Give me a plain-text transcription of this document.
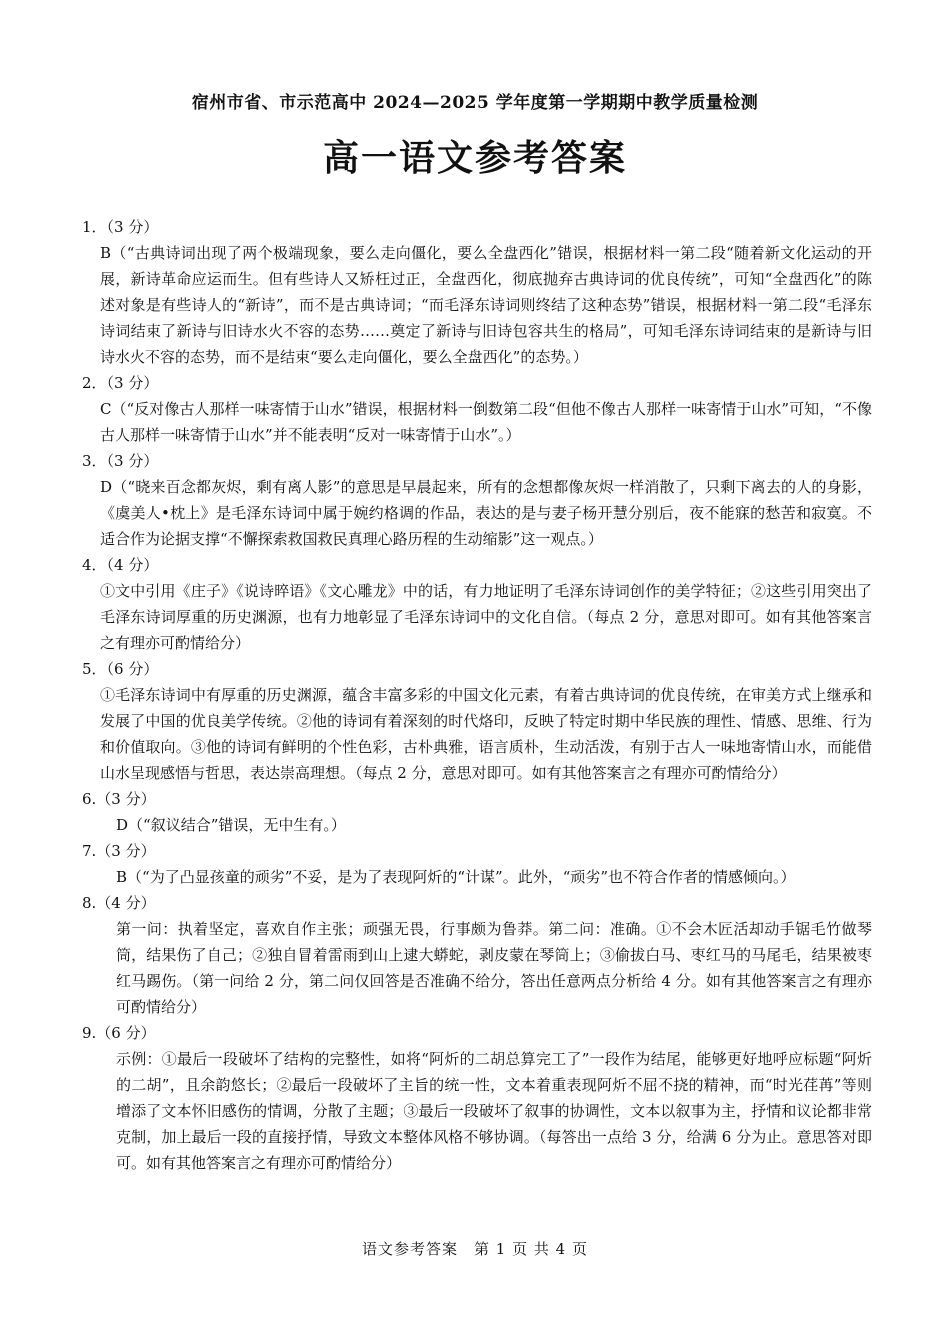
宿州市省、市示范高中 2024—2025 学年度第一学期期中教学质量检测
高一语文参考答案

1．（3 分）

B（“古典诗词出现了两个极端现象，要么走向僵化，要么全盘西化”错误，根据材料一第二段“随着新文化运动的开展，新诗革命应运而生。但有些诗人又矫枉过正，全盘西化，彻底抛弃古典诗词的优良传统”，可知“全盘西化”的陈述对象是有些诗人的“新诗”，而不是古典诗词；“而毛泽东诗词则终结了这种态势”错误，根据材料一第二段“毛泽东诗词结束了新诗与旧诗水火不容的态势……奠定了新诗与旧诗包容共生的格局”，可知毛泽东诗词结束的是新诗与旧诗水火不容的态势，而不是结束“要么走向僵化，要么全盘西化”的态势。）

2．（3 分）

C（“反对像古人那样一味寄情于山水”错误，根据材料一倒数第二段“但他不像古人那样一味寄情于山水”可知，“不像古人那样一味寄情于山水”并不能表明“反对一味寄情于山水”。）

3．（3 分）

D（“晓来百念都灰烬，剩有离人影”的意思是早晨起来，所有的念想都像灰烬一样消散了，只剩下离去的人的身影，《虞美人•枕上》是毛泽东诗词中属于婉约格调的作品，表达的是与妻子杨开慧分别后，夜不能寐的愁苦和寂寞。不适合作为论据支撑“不懈探索救国救民真理心路历程的生动缩影”这一观点。）

4．（4 分）

①文中引用《庄子》《说诗晬语》《文心雕龙》中的话，有力地证明了毛泽东诗词创作的美学特征；②这些引用突出了毛泽东诗词厚重的历史渊源，也有力地彰显了毛泽东诗词中的文化自信。（每点 2 分，意思对即可。如有其他答案言之有理亦可酌情给分）

5．（6 分）

①毛泽东诗词中有厚重的历史渊源，蕴含丰富多彩的中国文化元素，有着古典诗词的优良传统，在审美方式上继承和发展了中国的优良美学传统。②他的诗词有着深刻的时代烙印，反映了特定时期中华民族的理性、情感、思维、行为和价值取向。③他的诗词有鲜明的个性色彩，古朴典雅，语言质朴，生动活泼，有别于古人一味地寄情山水，而能借山水呈现感悟与哲思，表达崇高理想。（每点 2 分，意思对即可。如有其他答案言之有理亦可酌情给分）

6.（3 分）

D（“叙议结合”错误，无中生有。）

7.（3 分）

B（“为了凸显孩童的顽劣”不妥，是为了表现阿炘的“计谋”。此外，“顽劣”也不符合作者的情感倾向。）

8.（4 分）

第一问：执着坚定，喜欢自作主张；顽强无畏，行事颇为鲁莽。第二问：准确。①不会木匠活却动手锯毛竹做琴筒，结果伤了自己；②独自冒着雷雨到山上逮大蟒蛇，剥皮蒙在琴筒上；③偷拔白马、枣红马的马尾毛，结果被枣红马踢伤。（第一问给 2 分，第二问仅回答是否准确不给分，答出任意两点分析给 4 分。如有其他答案言之有理亦可酌情给分）

9.（6 分）

示例：①最后一段破坏了结构的完整性，如将“阿炘的二胡总算完工了”一段作为结尾，能够更好地呼应标题“阿炘的二胡”，且余韵悠长；②最后一段破坏了主旨的统一性，文本着重表现阿炘不屈不挠的精神，而“时光荏苒”等则增添了文本怀旧感伤的情调，分散了主题；③最后一段破坏了叙事的协调性，文本以叙事为主，抒情和议论都非常克制，加上最后一段的直接抒情，导致文本整体风格不够协调。（每答出一点给 3 分，给满 6 分为止。意思答对即可。如有其他答案言之有理亦可酌情给分）

语文参考答案　第 1 页 共 4 页
